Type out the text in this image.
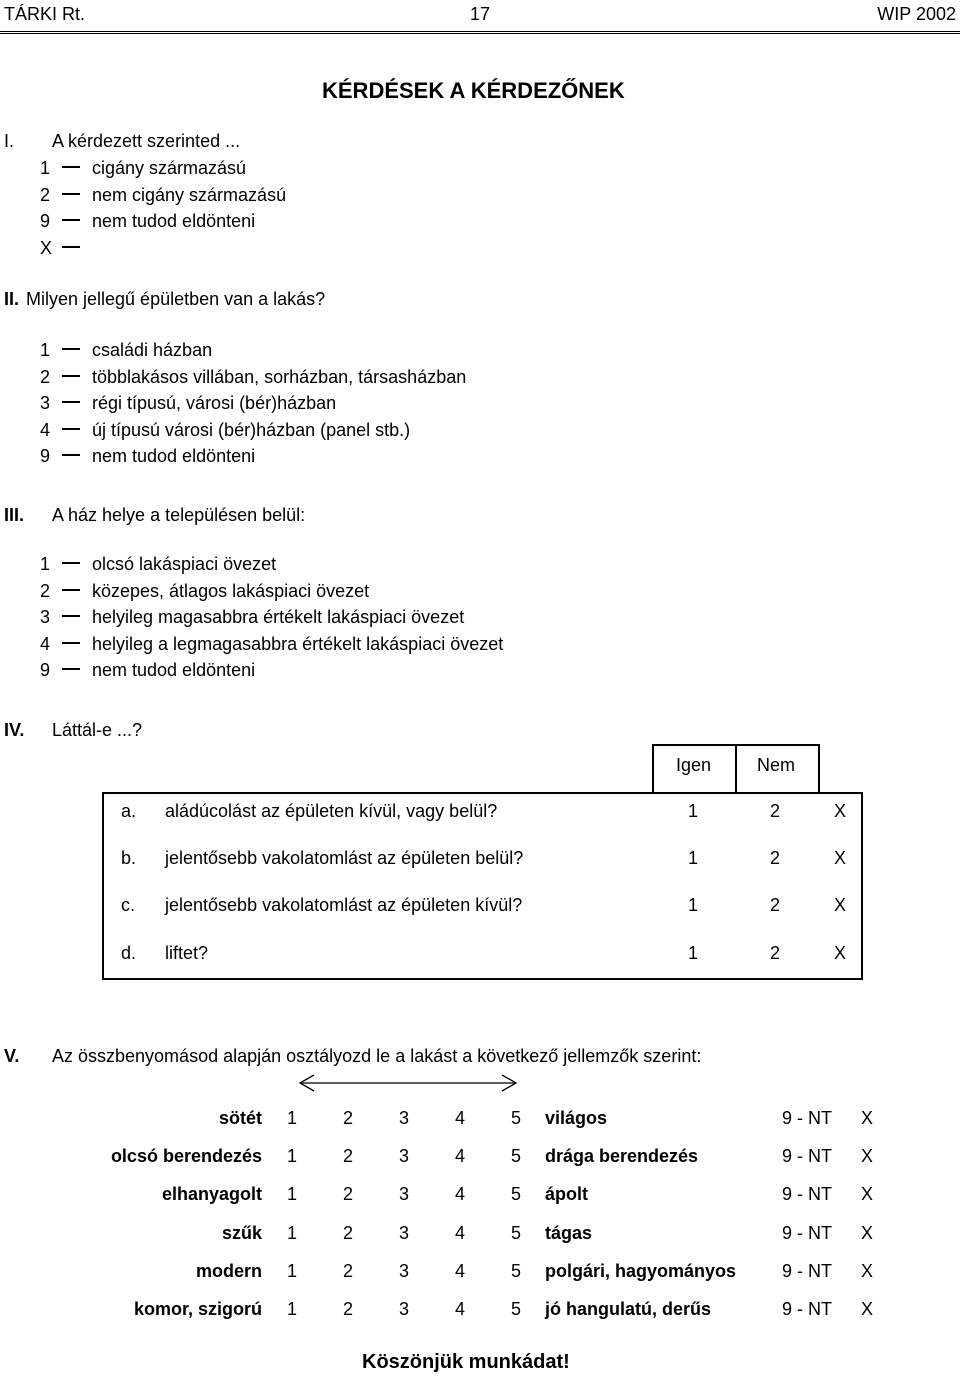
TÁRKI Rt.	17	WIP 2002
KÉRDÉSEK A KÉRDEZŐNEK
I. A kérdezett szerinted ...
1 cigány származású
2 nem cigány származású
9 nem tudod eldönteni
X
II. Milyen jellegű épületben van a lakás?
1 családi házban
2 többlakásos villában, sorházban, társasházban
3 régi típusú, városi (bér)házban
4 új típusú városi (bér)házban (panel stb.)
9 nem tudod eldönteni
III. A ház helye a településen belül:
1 olcsó lakáspiaci övezet
2 közepes, átlagos lakáspiaci övezet
3 helyileg magasabbra értékelt lakáspiaci övezet
4 helyileg a legmagasabbra értékelt lakáspiaci övezet
9 nem tudod eldönteni
IV. Láttál-e ...?
Igen	Nem
a. aládúcolást az épületen kívül, vagy belül?	1	2	X
b. jelentősebb vakolatomlást az épületen belül?	1	2	X
c. jelentősebb vakolatomlást az épületen kívül?	1	2	X
d. liftet?	1	2	X
V. Az összbenyomásod alapján osztályozd le a lakást a következő jellemzők szerint:
sötét 1	2	3	4	5 világos	9 - NT X
olcsó berendezés 1	2	3	4	5 drága berendezés	9 - NT X
elhanyagolt 1	2	3	4	5 ápolt	9 - NT X
szűk 1	2	3	4	5 tágas	9 - NT X
modern 1	2	3	4	5 polgári, hagyományos	9 - NT X
komor, szigorú 1	2	3	4	5 jó hangulatú, derűs	9 - NT X
Köszönjük munkádat!
